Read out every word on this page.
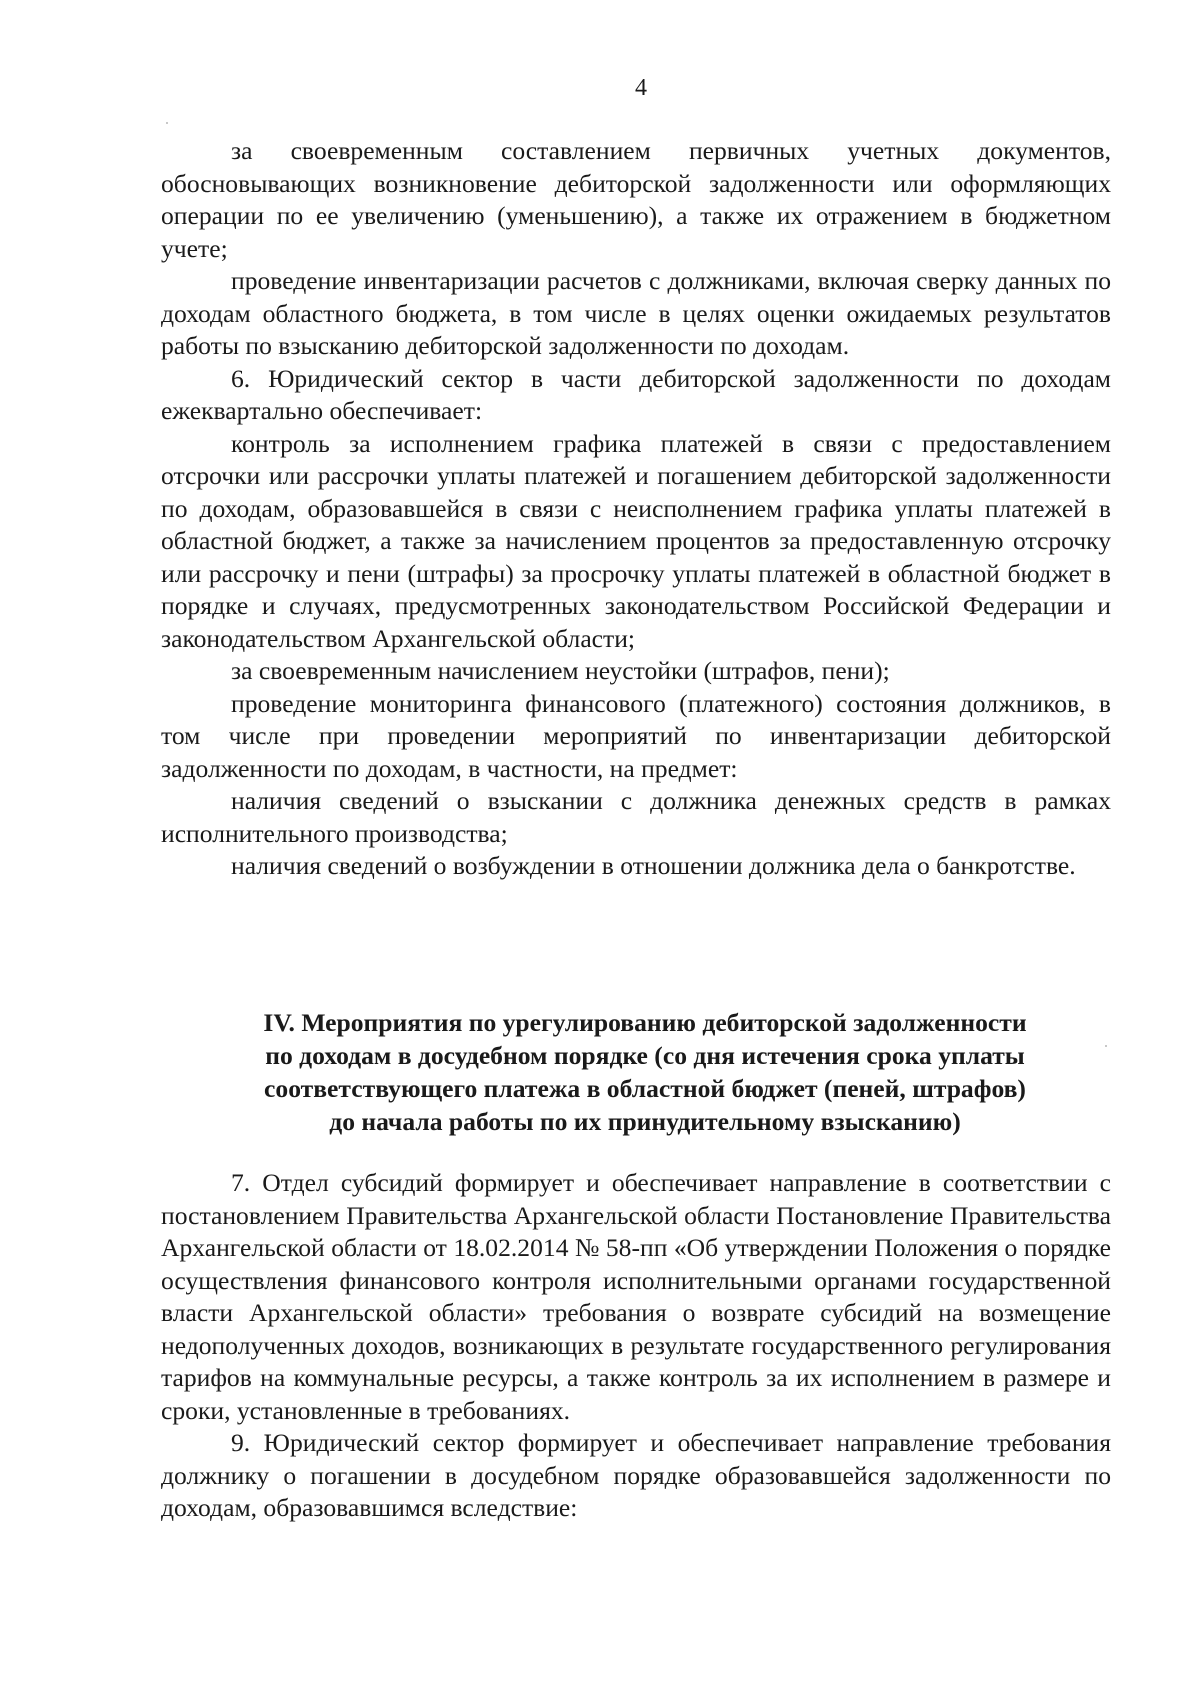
4

за своевременным составлением первичных учетных документов, обосновывающих возникновение дебиторской задолженности или оформляющих операции по ее увеличению (уменьшению), а также их отражением в бюджетном учете;

проведение инвентаризации расчетов с должниками, включая сверку данных по доходам областного бюджета, в том числе в целях оценки ожидаемых результатов работы по взысканию дебиторской задолженности по доходам.

6. Юридический сектор в части дебиторской задолженности по доходам ежеквартально обеспечивает:

контроль за исполнением графика платежей в связи с предоставлением отсрочки или рассрочки уплаты платежей и погашением дебиторской задолженности по доходам, образовавшейся в связи с неисполнением графика уплаты платежей в областной бюджет, а также за начислением процентов за предоставленную отсрочку или рассрочку и пени (штрафы) за просрочку уплаты платежей в областной бюджет в порядке и случаях, предусмотренных законодательством Российской Федерации и законодательством Архангельской области;

за своевременным начислением неустойки (штрафов, пени);

проведение мониторинга финансового (платежного) состояния должников, в том числе при проведении мероприятий по инвентаризации дебиторской задолженности по доходам, в частности, на предмет:

наличия сведений о взыскании с должника денежных средств в рамках исполнительного производства;

наличия сведений о возбуждении в отношении должника дела о банкротстве.

IV. Мероприятия по урегулированию дебиторской задолженности
по доходам в досудебном порядке (со дня истечения срока уплаты
соответствующего платежа в областной бюджет (пеней, штрафов)
до начала работы по их принудительному взысканию)

7. Отдел субсидий формирует и обеспечивает направление в соответствии с постановлением Правительства Архангельской области Постановление Правительства Архангельской области от 18.02.2014 № 58-пп «Об утверждении Положения о порядке осуществления финансового контроля исполнительными органами государственной власти Архангельской области» требования о возврате субсидий на возмещение недополученных доходов, возникающих в результате государственного регулирования тарифов на коммунальные ресурсы, а также контроль за их исполнением в размере и сроки, установленные в требованиях.

9. Юридический сектор формирует и обеспечивает направление требования должнику о погашении в досудебном порядке образовавшейся задолженности по доходам, образовавшимся вследствие:
